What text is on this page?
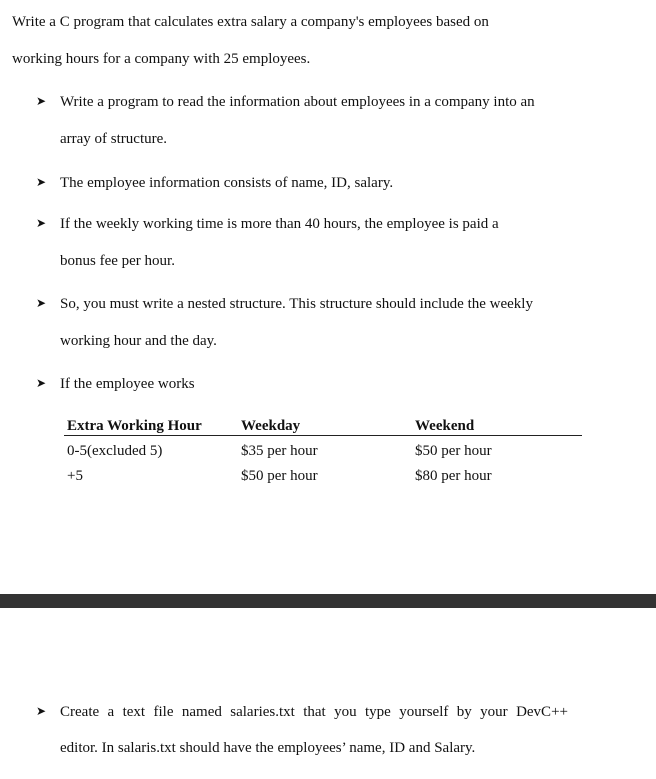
Write a C program that calculates extra salary a company's employees based on
working hours for a company with 25 employees.
➤ Write a program to read the information about employees in a company into an
array of structure.
➤ The employee information consists of name, ID, salary.
➤ If the weekly working time is more than 40 hours, the employee is paid a
bonus fee per hour.
➤ So, you must write a nested structure. This structure should include the weekly
working hour and the day.
➤ If the employee works
Extra Working Hour	Weekday	Weekend
0-5(excluded 5)	$35 per hour	$50 per hour
+5	$50 per hour	$80 per hour
➤ Create a text file named salaries.txt that you type yourself by your DevC++
editor. In salaris.txt should have the employees’ name, ID and Salary.
